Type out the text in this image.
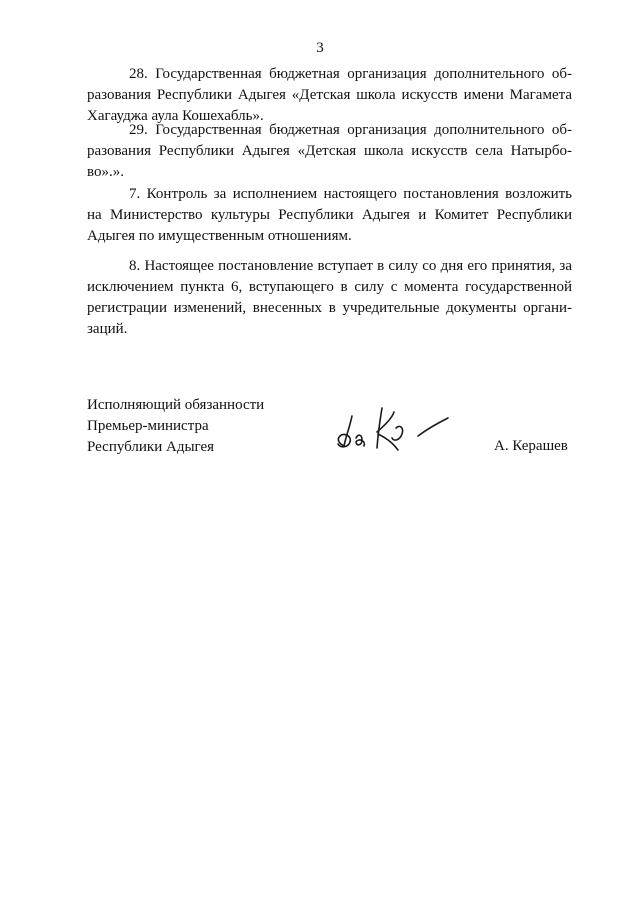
3
28. Государственная бюджетная организация дополнительного об-
разования Республики Адыгея «Детская школа искусств имени Магамета
Хагауджа аула Кошехабль».
29. Государственная бюджетная организация дополнительного об-
разования Республики Адыгея «Детская школа искусств села Натырбо-
во».».
7. Контроль за исполнением настоящего постановления возложить
на Министерство культуры Республики Адыгея и Комитет Республики
Адыгея по имущественным отношениям.
8. Настоящее постановление вступает в силу со дня его принятия, за
исключением пункта 6, вступающего в силу с момента государственной
регистрации изменений, внесенных в учредительные документы органи-
заций.
Исполняющий обязанности
Премьер-министра
Республики Адыгея	А. Керашев
